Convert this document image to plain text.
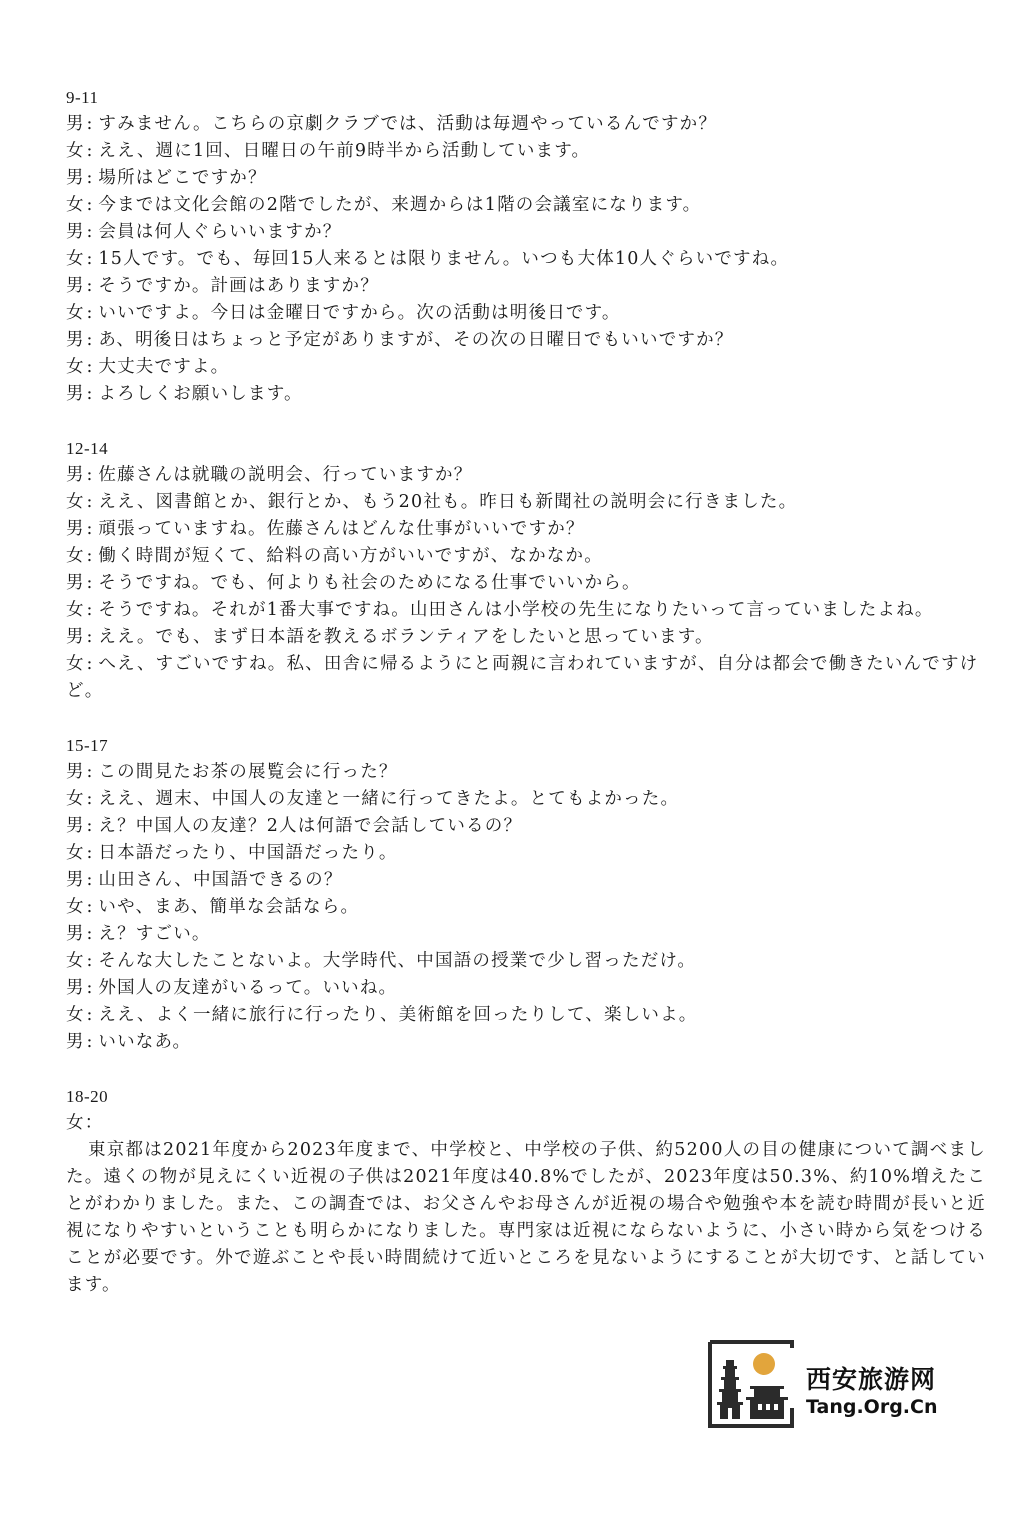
9-11
男 : すみません。こちらの京劇クラブでは、活動は毎週やっているんですか？
女 : ええ、週に1回、日曜日の午前9時半から活動しています。
男 : 場所はどこですか？
女 : 今までは文化会館の2階でしたが、来週からは1階の会議室になります。
男 : 会員は何人ぐらいいますか？
女 : 15人です。でも、毎回15人来るとは限りません。いつも大体10人ぐらいですね。
男 : そうですか。計画はありますか？
女 : いいですよ。今日は金曜日ですから。次の活動は明後日です。
男 : あ、明後日はちょっと予定がありますが、その次の日曜日でもいいですか？
女 : 大丈夫ですよ。
男 : よろしくお願いします。
12-14
男 : 佐藤さんは就職の説明会、行っていますか？
女 : ええ、図書館とか、銀行とか、もう20社も。昨日も新聞社の説明会に行きました。
男 : 頑張っていますね。佐藤さんはどんな仕事がいいですか？
女 : 働く時間が短くて、給料の高い方がいいですが、なかなか。
男 : そうですね。でも、何よりも社会のためになる仕事でいいから。
女 : そうですね。それが1番大事ですね。山田さんは小学校の先生になりたいって言っていましたよね。
男 : ええ。でも、まず日本語を教えるボランティアをしたいと思っています。
女 : へえ、すごいですね。私、田舎に帰るようにと両親に言われていますが、自分は都会で働きたいんですけど。
15-17
男 : この間見たお茶の展覧会に行った？
女 : ええ、週末、中国人の友達と一緒に行ってきたよ。とてもよかった。
男 : え？中国人の友達？2人は何語で会話しているの？
女 : 日本語だったり、中国語だったり。
男 : 山田さん、中国語できるの？
女 : いや、まあ、簡単な会話なら。
男 : え？すごい。
女 : そんな大したことないよ。大学時代、中国語の授業で少し習っただけ。
男 : 外国人の友達がいるって。いいね。
女 : ええ、よく一緒に旅行に行ったり、美術館を回ったりして、楽しいよ。
男 : いいなあ。
18-20
女：
東京都は2021年度から2023年度まで、中学校と、中学校の子供、約5200人の目の健康について調べました。遠くの物が見えにくい近視の子供は2021年度は40.8%でしたが、2023年度は50.3%、約10%増えたことがわかりました。また、この調査では、お父さんやお母さんが近視の場合や勉強や本を読む時間が長いと近視になりやすいということも明らかになりました。専門家は近視にならないように、小さい時から気をつけることが必要です。外で遊ぶことや長い時間続けて近いところを見ないようにすることが大切です、と話しています。
西安旅游网
Tang.Org.Cn
